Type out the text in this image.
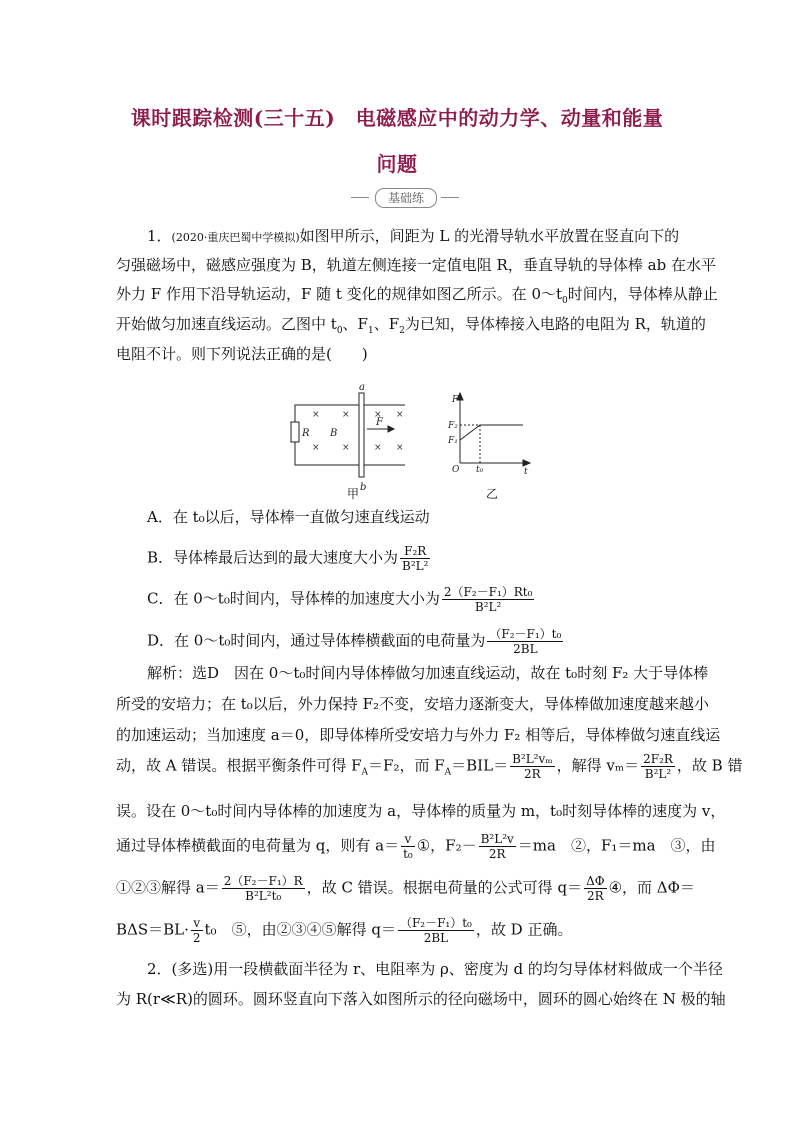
课时跟踪检测(三十五)　电磁感应中的动力学、动量和能量
问题
基础练
1．(2020·重庆巴蜀中学模拟)如图甲所示，间距为 L 的光滑导轨水平放置在竖直向下的
匀强磁场中，磁感应强度为 B，轨道左侧连接一定值电阻 R，垂直导轨的导体棒 ab 在水平
外力 F 作用下沿导轨运动，F 随 t 变化的规律如图乙所示。在 $0\sim t_0$时间内，导体棒从静止
开始做匀加速直线运动。乙图中 $t_0$、$F_1$、$F_2$为已知，导体棒接入电路的电阻为 R，轨道的
电阻不计。则下列说法正确的是(　　)
R B
a
b
F
× ×	× ×
× ×	× ×
F
F₂
F₁
O t₀	t
甲	乙
A．在 t₀以后，导体棒一直做匀速直线运动
B．导体棒最后达到的最大速度大小为 $\frac{\text{F₂R}}{\text{B²L²}}$
C．在 0～t₀时间内，导体棒的加速度大小为 $\frac{\text{2（F₂－F₁）Rt₀}}{\text{B²L²}}$
D．在 0～t₀时间内，通过导体棒横截面的电荷量为 $\frac{\text{（F₂－F₁）t₀}}{2BL}$
解析：选D　因在 0～t₀时间内导体棒做匀加速直线运动，故在 t₀时刻 F₂ 大于导体棒
所受的安培力；在 t₀以后，外力保持 F₂不变，安培力逐渐变大，导体棒做加速度越来越小
的加速运动；当加速度 a＝0，即导体棒所受安培力与外力 F₂ 相等后，导体棒做匀速直线运
动，故 A 错误。根据平衡条件可得 $F_A=F_2$，而 $F_A=BIL= \frac{\text{B²L²vₘ}}{2R}$ ，解得 $v_m= \frac{\text{2F₂R}}{\text{B²L²}}$ ，故 B 错
误。设在 0～t₀时间内导体棒的加速度为 a，导体棒的质量为 m，t₀时刻导体棒的速度为 v，
通过导体棒横截面的电荷量为 q，则有 $a= \frac{v}{\text{t₀}}$ ①，$F_2- \frac{\text{B²L²v}}{2R} =ma$　②，F₁＝ma　③，由
①②③解得 $a= \frac{\text{2（F₂－F₁）R}}{\text{B²L²t₀}}$ ，故 C 错误。根据电荷量的公式可得 $q= \frac{\Delta\Phi}{2R}$ ④，而 ΔΦ＝
$B\Delta S=BL\cdot \frac{v}{2} t_0$　⑤，由②③④⑤解得 $q= \frac{\text{（F₂－F₁）t₀}}{2BL}$ ，故 D 正确。
2．(多选)用一段横截面半径为 r、电阻率为 ρ、密度为 d 的均匀导体材料做成一个半径
为 R(r≪R)的圆环。圆环竖直向下落入如图所示的径向磁场中，圆环的圆心始终在 N 极的轴
